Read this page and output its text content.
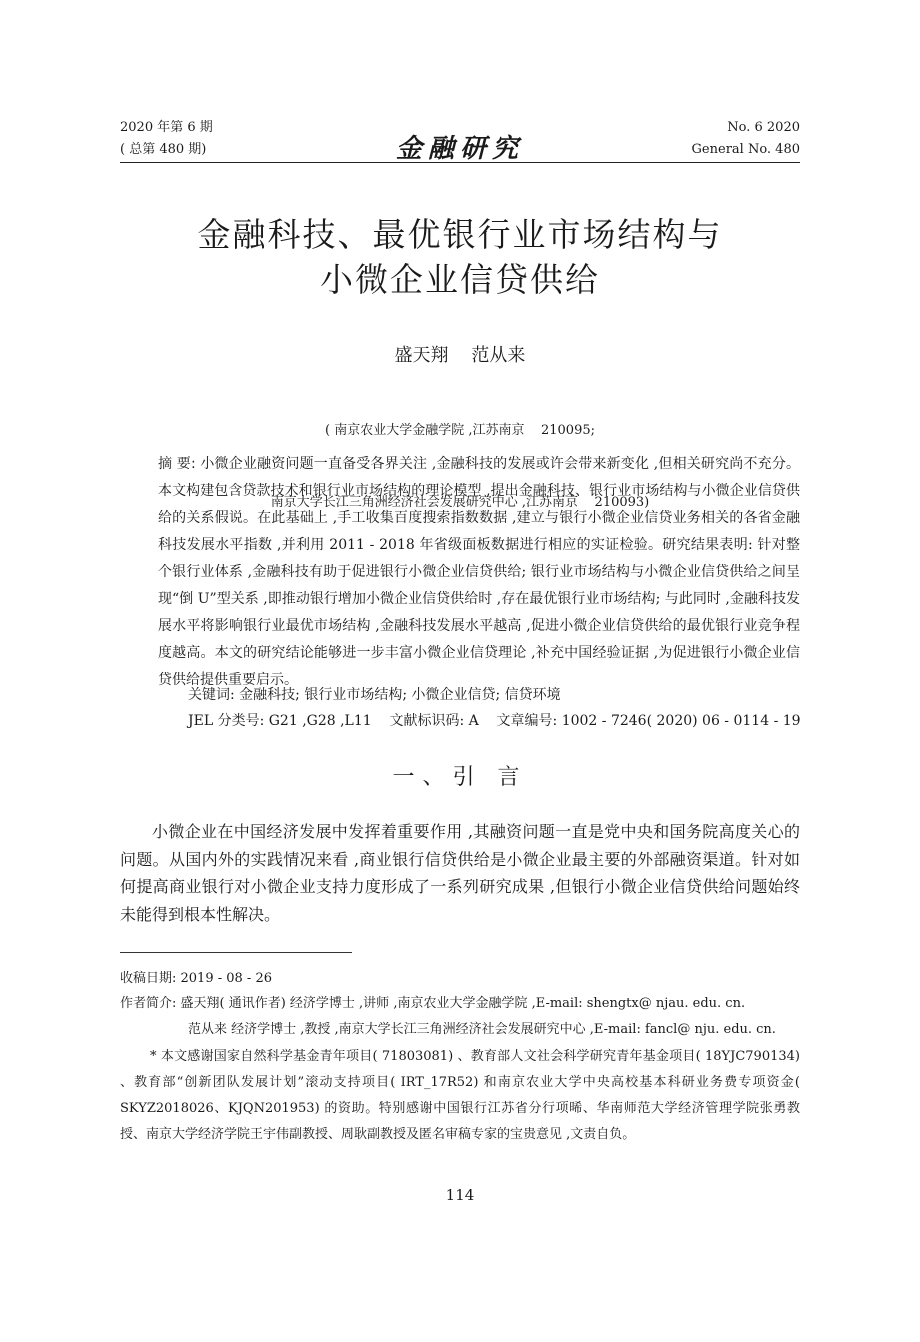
2020 年第 6 期
( 总第 480 期)	金融研究
No. 6 2020
General No. 480
金融科技、最优银行业市场结构与
小微企业信贷供给
盛天翔    范从来

( 南京农业大学金融学院 ,江苏南京    210095;

南京大学长江三角洲经济社会发展研究中心 ,江苏南京    210093)

摘 要: 小微企业融资问题一直备受各界关注 ,金融科技的发展或许会带来新变化 ,但相关研究尚不充分。本文构建包含贷款技术和银行业市场结构的理论模型 ,提出金融科技、银行业市场结构与小微企业信贷供给的关系假说。在此基础上 ,手工收集百度搜索指数数据 ,建立与银行小微企业信贷业务相关的各省金融科技发展水平指数 ,并利用 2011 - 2018 年省级面板数据进行相应的实证检验。研究结果表明: 针对整个银行业体系 ,金融科技有助于促进银行小微企业信贷供给; 银行业市场结构与小微企业信贷供给之间呈现“倒 U”型关系 ,即推动银行增加小微企业信贷供给时 ,存在最优银行业市场结构; 与此同时 ,金融科技发展水平将影响银行业最优市场结构 ,金融科技发展水平越高 ,促进小微企业信贷供给的最优银行业竞争程度越高。本文的研究结论能够进一步丰富小微企业信贷理论 ,补充中国经验证据 ,为促进银行小微企业信贷供给提供重要启示。
关键词: 金融科技; 银行业市场结构; 小微企业信贷; 信贷环境
JEL 分类号: G21 ,G28 ,L11    文献标识码: A    文章编号: 1002 - 7246( 2020) 06 - 0114 - 19
一、引 言
小微企业在中国经济发展中发挥着重要作用 ,其融资问题一直是党中央和国务院高度关心的问题。从国内外的实践情况来看 ,商业银行信贷供给是小微企业最主要的外部融资渠道。针对如何提高商业银行对小微企业支持力度形成了一系列研究成果 ,但银行小微企业信贷供给问题始终未能得到根本性解决。
收稿日期: 2019 - 08 - 26
作者简介: 盛天翔( 通讯作者) 经济学博士 ,讲师 ,南京农业大学金融学院 ,E-mail: shengtx@ njau. edu. cn.
范从来 经济学博士 ,教授 ,南京大学长江三角洲经济社会发展研究中心 ,E-mail: fancl@ nju. edu. cn.
* 本文感谢国家自然科学基金青年项目( 71803081) 、教育部人文社会科学研究青年基金项目( 18YJC790134) 、教育部“创新团队发展计划”滚动支持项目( IRT_17R52) 和南京农业大学中央高校基本科研业务费专项资金( SKYZ2018026、KJQN201953) 的资助。特别感谢中国银行江苏省分行项晞、华南师范大学经济管理学院张勇教授、南京大学经济学院王宇伟副教授、周耿副教授及匿名审稿专家的宝贵意见 ,文责自负。
114
